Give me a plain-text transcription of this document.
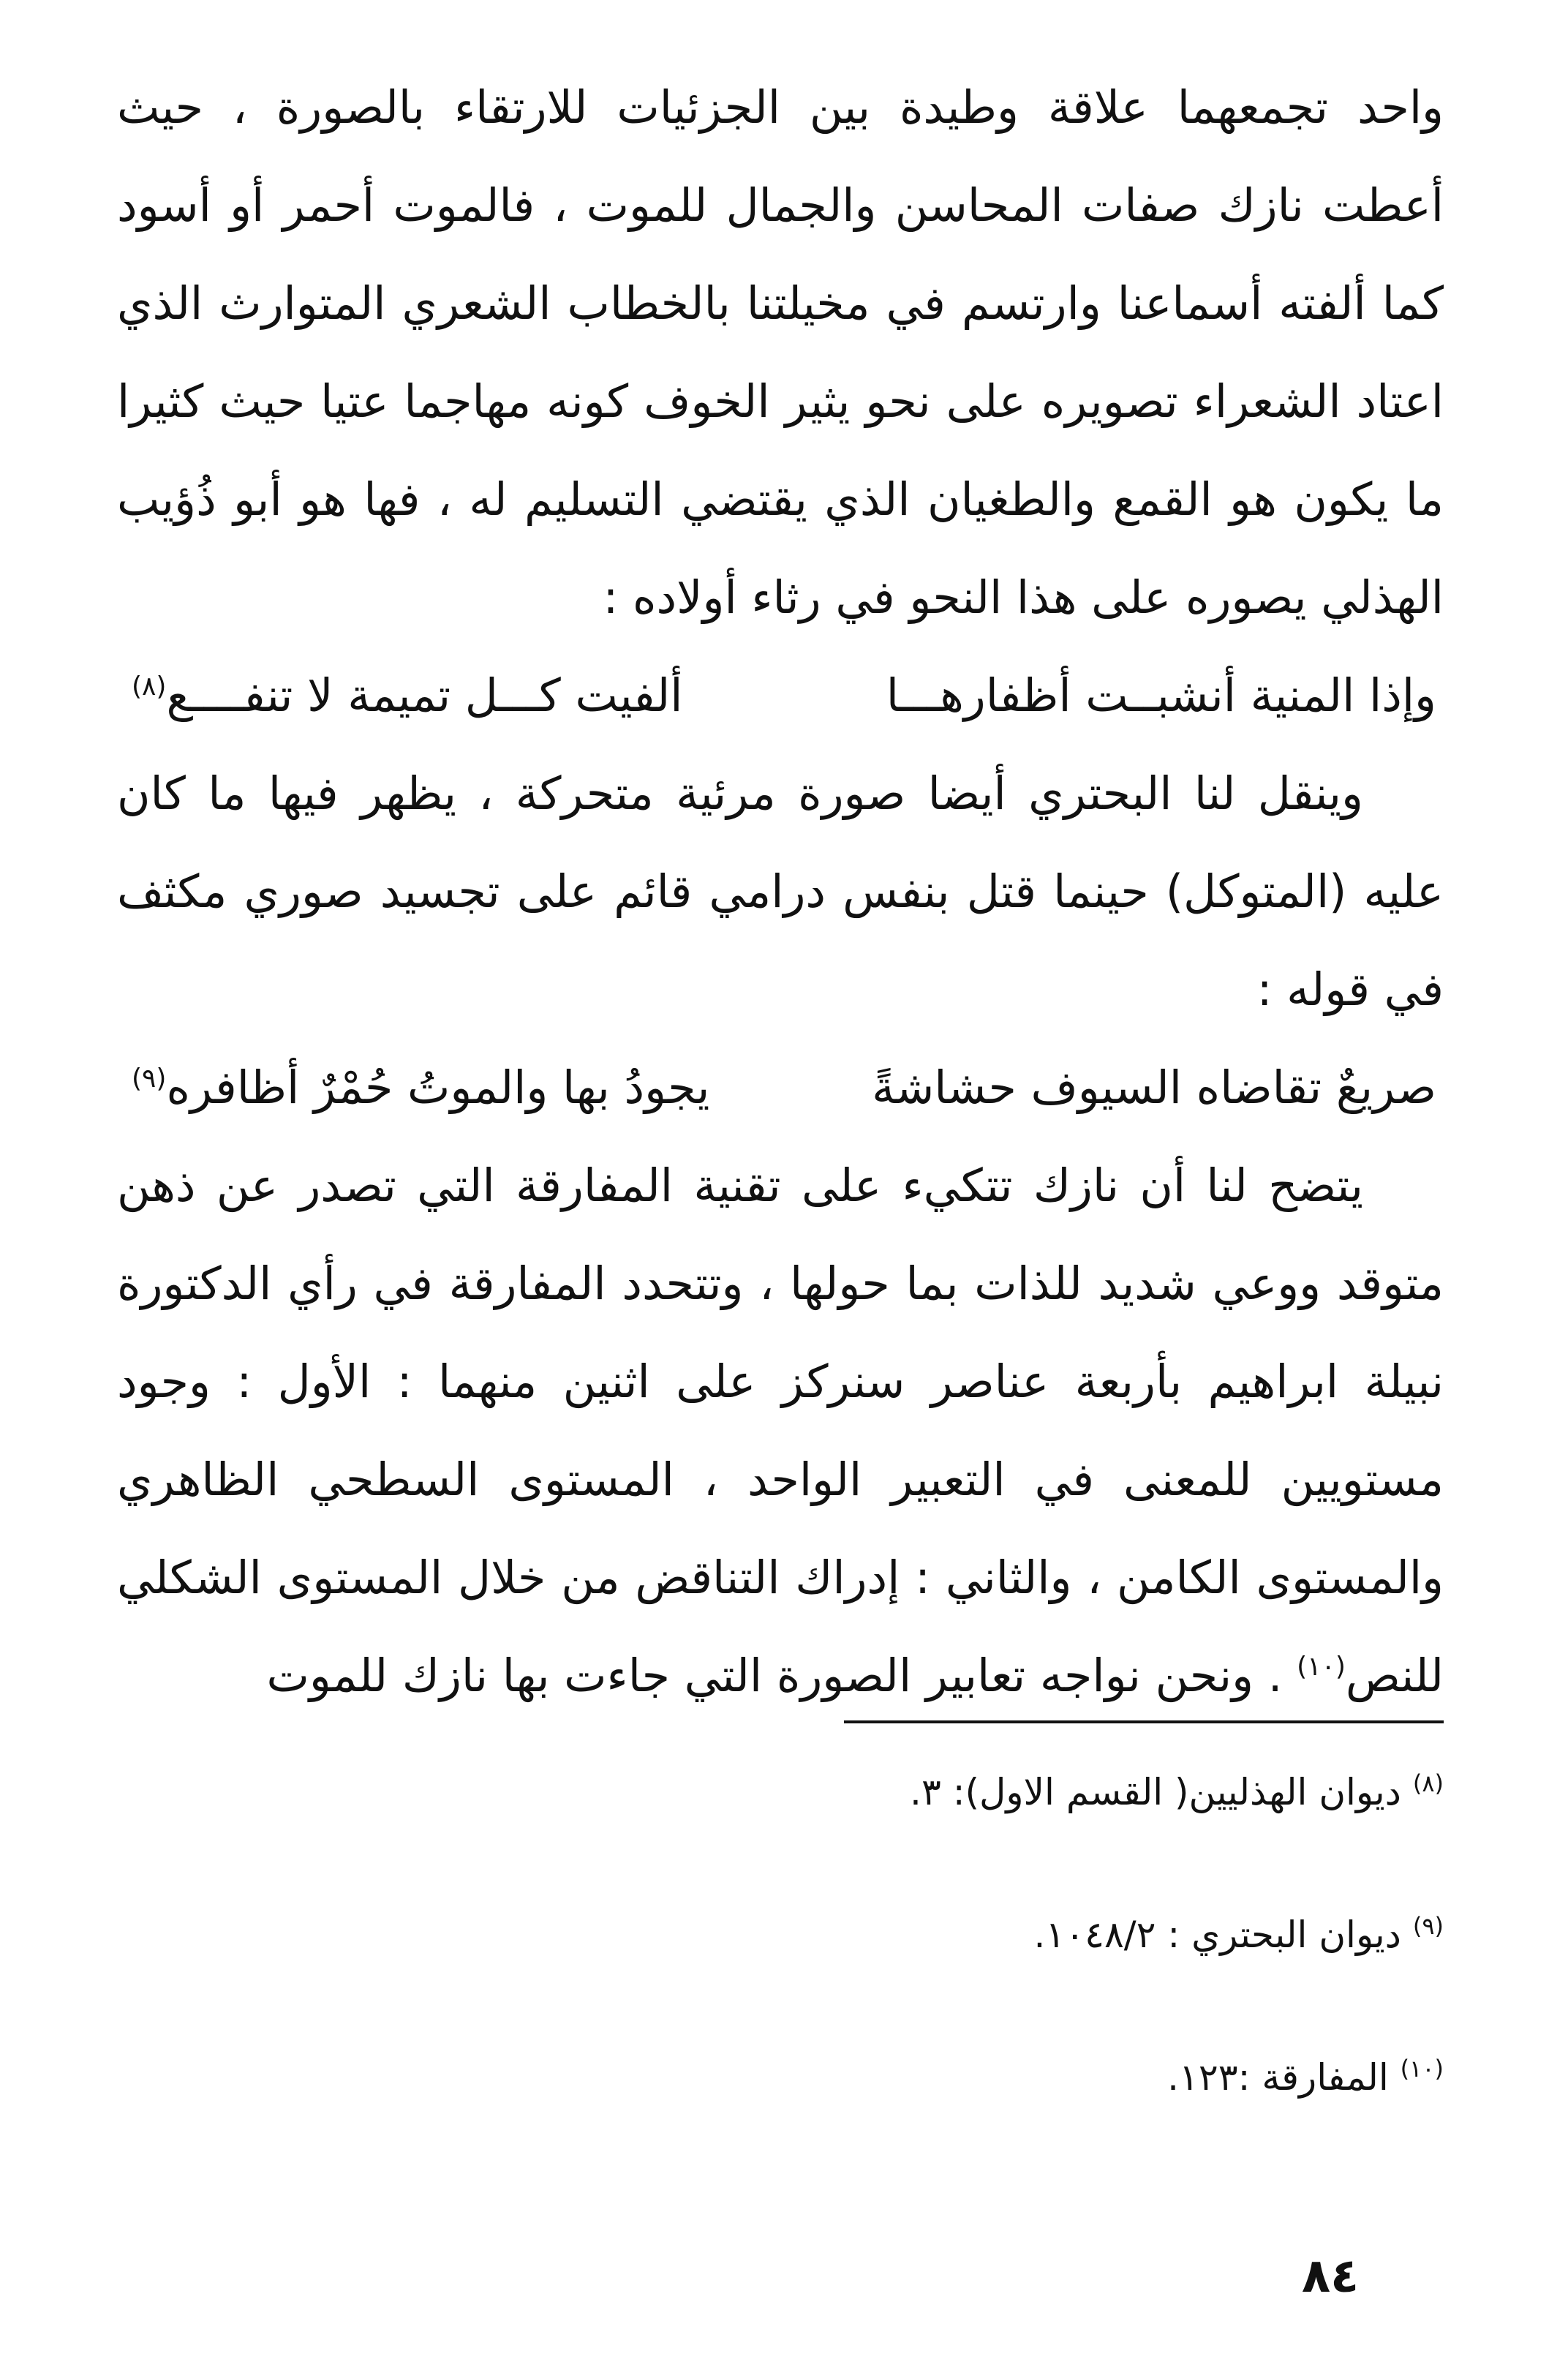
واحد تجمعهما علاقة وطيدة بين الجزئيات للارتقاء بالصورة ، حيث أعطت نازك صفات المحاسن والجمال للموت ، فالموت أحمر أو أسود كما ألفته أسماعنا وارتسم في مخيلتنا بالخطاب الشعري المتوارث الذي اعتاد الشعراء تصويره على نحو يثير الخوف كونه مهاجما عتيا حيث كثيرا ما يكون هو القمع والطغيان الذي يقتضي التسليم له ، فها هو أبو ذُؤيب الهذلي يصوره على هذا النحو في رثاء أولاده :

وإذا المنية أنشبــت أظفارهـــا
ألفيت كـــل تميمة لا تنفــــع$^{(٨)}$

وينقل لنا البحتري أيضا صورة مرئية متحركة ، يظهر فيها ما كان عليه (المتوكل) حينما قتل بنفس درامي قائم على تجسيد صوري مكثف في قوله :

صريعٌ تقاضاه السيوف حشاشةً
يجودُ بها والموتُ حُمْرٌ أظافره$^{(٩)}$

يتضح لنا أن نازك تتكيء على تقنية المفارقة التي تصدر عن ذهن متوقد ووعي شديد للذات بما حولها ، وتتحدد المفارقة في رأي الدكتورة نبيلة ابراهيم بأربعة عناصر سنركز على اثنين منهما : الأول : وجود مستويين للمعنى في التعبير الواحد ، المستوى السطحي الظاهري والمستوى الكامن ، والثاني : إدراك التناقض من خلال المستوى الشكلي للنص$^{(١٠)}$ . ونحن نواجه تعابير الصورة التي جاءت بها نازك للموت

$^{(٨)}$ ديوان الهذليين( القسم الاول): ٣.
$^{(٩)}$ ديوان البحتري : ١٠٤٨/٢.
$^{(١٠)}$ المفارقة :١٢٣.
٨٤
